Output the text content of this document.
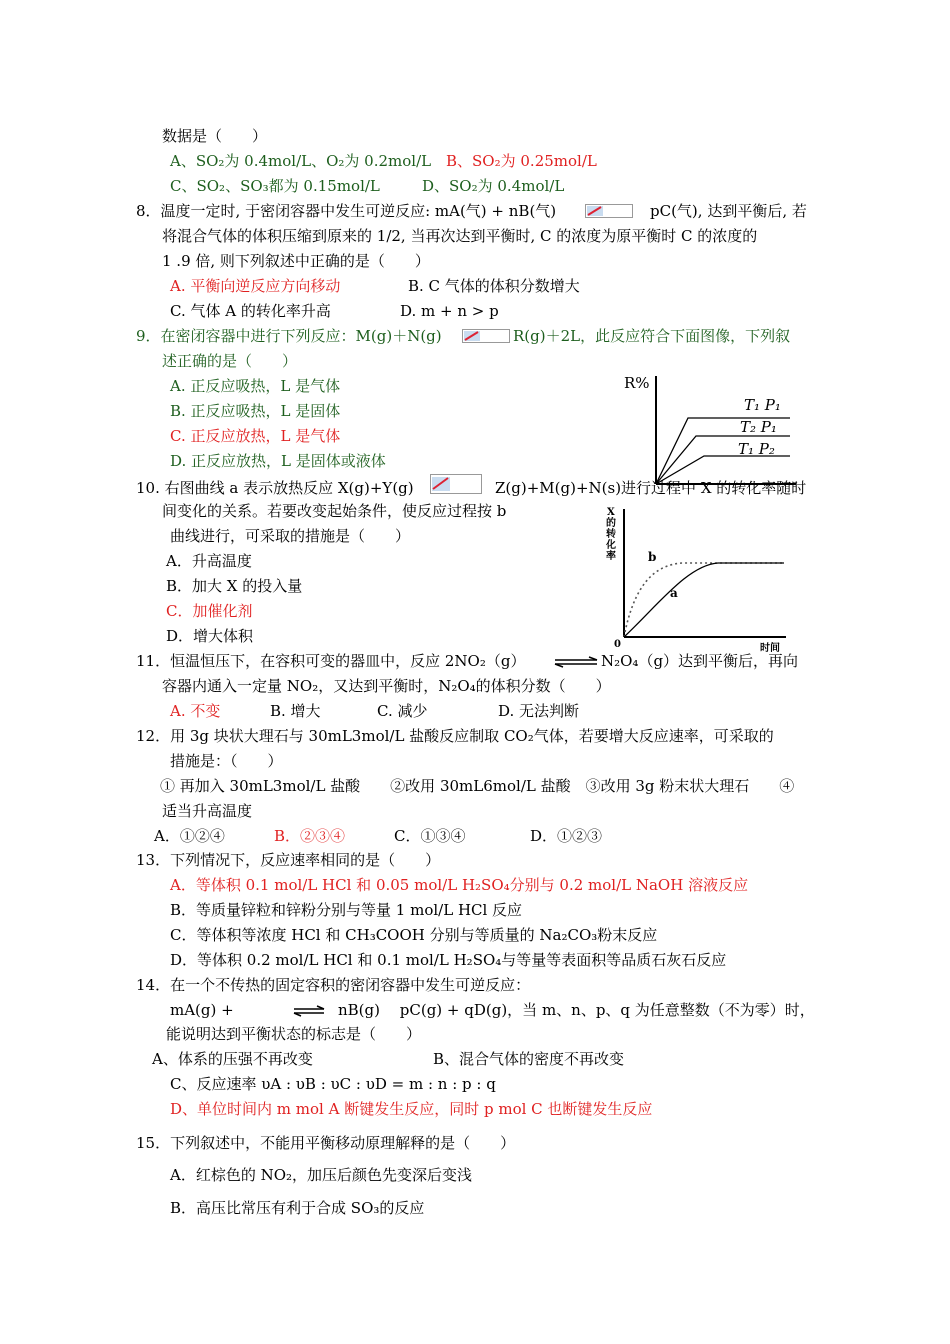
数据是（　　）
A、SO₂为 0.4mol/L、O₂为 0.2mol/L B、SO₂为 0.25mol/L
C、SO₂、SO₃都为 0.15mol/L	D、SO₂为 0.4mol/L
8．温度一定时, 于密闭容器中发生可逆反应: mA(气) + nB(气)	pC(气), 达到平衡后, 若
将混合气体的体积压缩到原来的 1/2, 当再次达到平衡时, C 的浓度为原平衡时 C 的浓度的
1 .9 倍, 则下列叙述中正确的是（　　）
A. 平衡向逆反应方向移动	B. C 气体的体积分数增大
C. 气体 A 的转化率升高	D. m + n > p
9．在密闭容器中进行下列反应：M(g)＋N(g)	R(g)＋2L，此反应符合下面图像，下列叙
述正确的是（　　）
A. 正反应吸热，L 是气体
B. 正反应吸热，L 是固体
C. 正反应放热，L 是气体
D. 正反应放热，L 是固体或液体
R%
T₁ P₁
T₂ P₁
T₁ P₂
10. 右图曲线 a 表示放热反应 X(g)+Y(g)	Z(g)+M(g)+N(s)进行过程中 X 的转化率随时
间变化的关系。若要改变起始条件，使反应过程按 b
曲线进行，可采取的措施是（　　）
A．升高温度
B．加大 X 的投入量
C．加催化剂
D．增大体积
X 的转化率
0	时间
b
a
11．恒温恒压下，在容积可变的器皿中，反应 2NO₂（g） ⇌ N₂O₄（g）达到平衡后，再向
容器内通入一定量 NO₂，又达到平衡时，N₂O₄的体积分数（　　）
A. 不变	B. 增大	C. 减少	D. 无法判断
12．用 3g 块状大理石与 30mL3mol/L 盐酸反应制取 CO₂气体，若要增大反应速率，可采取的
措施是：（　　）
① 再加入 30mL3mol/L 盐酸　　②改用 30mL6mol/L 盐酸　③改用 3g 粉末状大理石　　④
适当升高温度
A．①②④	B．②③④	C．①③④	D．①②③
13．下列情况下，反应速率相同的是（　　）
A．等体积 0.1 mol/L HCl 和 0.05 mol/L H₂SO₄分别与 0.2 mol/L NaOH 溶液反应
B．等质量锌粒和锌粉分别与等量 1 mol/L HCl 反应
C．等体积等浓度 HCl 和 CH₃COOH 分别与等质量的 Na₂CO₃粉末反应
D．等体积 0.2 mol/L HCl 和 0.1 mol/L H₂SO₄与等量等表面积等品质石灰石反应
14．在一个不传热的固定容积的密闭容器中发生可逆反应：
mA(g) +	⇌ nB(g)　 pC(g) + qD(g)，当 m、n、p、q 为任意整数（不为零）时，
能说明达到平衡状态的标志是（　　）
A、体系的压强不再改变	B、混合气体的密度不再改变
C、反应速率 υA : υB : υC : υD = m : n : p : q
D、单位时间内 m mol A 断键发生反应，同时 p mol C 也断键发生反应
15．下列叙述中，不能用平衡移动原理解释的是（　　）
A．红棕色的 NO₂，加压后颜色先变深后变浅
B．高压比常压有利于合成 SO₃的反应
